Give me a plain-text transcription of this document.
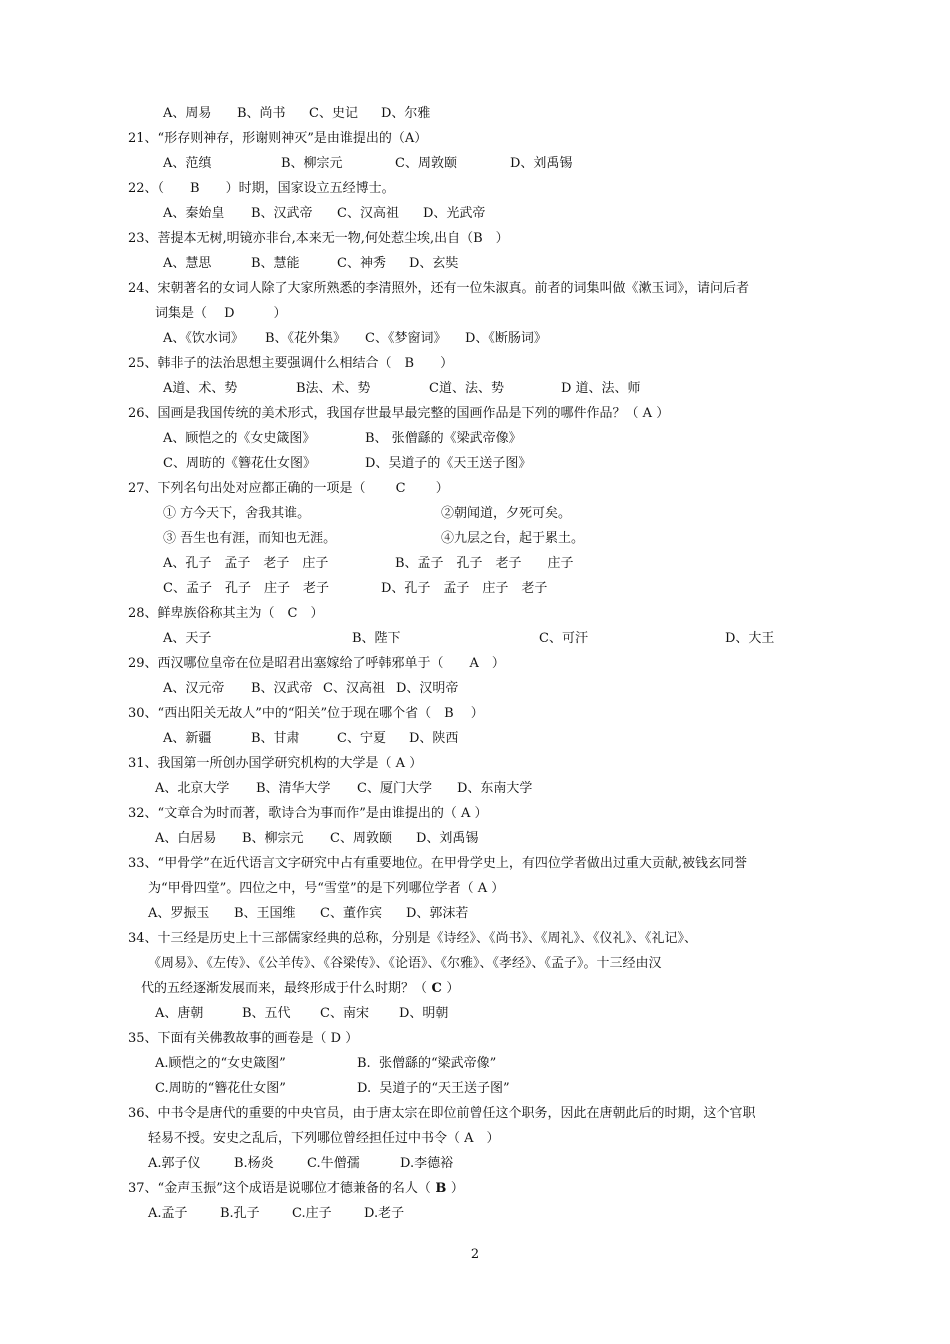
A、周易 B、尚书 C、史记 D、尔雅
21、“形存则神存，形谢则神灭”是由谁提出的（A）
A、范缜	B、柳宗元	C、周敦颐	D、刘禹锡
22、（　　B　　）时期，国家设立五经博士。
A、秦始皇 B、汉武帝 C、汉高祖 D、光武帝
23、菩提本无树,明镜亦非台,本来无一物,何处惹尘埃,出自（B　）
A、慧思	B、慧能	C、神秀 D、玄奘
24、宋朝著名的女词人除了大家所熟悉的李清照外，还有一位朱淑真。前者的词集叫做《漱玉词》，请问后者
词集是（　 D　　　）
A、《饮水词》 B、《花外集》 C、《梦窗词》 D、《断肠词》
25、韩非子的法治思想主要强调什么相结合（　B　　）
A道、术、势	B法、术、势	C道、法、势	D 道、法、师
26、国画是我国传统的美术形式，我国存世最早最完整的国画作品是下列的哪件作品？（ A ）
A、顾恺之的《女史箴图》	B、 张僧繇的《梁武帝像》
C、周昉的《簪花仕女图》	D、吴道子的《天王送子图》
27、下列名句出处对应都正确的一项是（　　 C　　 ）
① 方今天下，舍我其谁。	②朝闻道，夕死可矣。
③ 吾生也有涯，而知也无涯。	④九层之台，起于累土。
A、孔子　孟子　老子　庄子	B、孟子　孔子　老子　　庄子
C、孟子　孔子　庄子　老子	D、孔子　孟子　庄子　老子
28、鲜卑族俗称其主为（　C　）
A、天子	B、陛下	C、可汗	D、大王
29、西汉哪位皇帝在位是昭君出塞嫁给了呼韩邪单于（　　A　）
A、汉元帝 B、汉武帝 C、汉高祖 D、汉明帝
30、“西出阳关无故人”中的“阳关”位于现在哪个省（　B　 ）
A、新疆	B、甘肃	C、宁夏 D、陕西
31、我国第一所创办国学研究机构的大学是（ A ）
A、北京大学 B、清华大学 C、厦门大学 D、东南大学
32、“文章合为时而著，歌诗合为事而作”是由谁提出的（ A ）
A、白居易 B、柳宗元 C、周敦颐 D、刘禹锡
33、“甲骨学”在近代语言文字研究中占有重要地位。在甲骨学史上，有四位学者做出过重大贡献,被钱玄同誉
为“甲骨四堂”。四位之中，号“雪堂”的是下列哪位学者（ A ）
A、罗振玉 B、王国维 C、董作宾 D、郭沫若
34、十三经是历史上十三部儒家经典的总称，分别是《诗经》、《尚书》、《周礼》、《仪礼》、《礼记》、
《周易》、《左传》、《公羊传》、《谷梁传》、《论语》、《尔雅》、《孝经》、《孟子》。十三经由汉
代的五经逐渐发展而来，最终形成于什么时期？（ C ）
A、唐朝	B、五代 C、南宋 D、明朝
35、下面有关佛教故事的画卷是（ D ）
A.顾恺之的“女史箴图”	B.  张僧繇的“梁武帝像”
C.周昉的“簪花仕女图”	D.  吴道子的“天王送子图”
36、中书令是唐代的重要的中央官员，由于唐太宗在即位前曾任这个职务，因此在唐朝此后的时期，这个官职
轻易不授。安史之乱后，下列哪位曾经担任过中书令（ A　）
A.郭子仪	B.杨炎	C.牛僧孺	D.李德裕
37、“金声玉振”这个成语是说哪位才德兼备的名人（ B ）
A.孟子 B.孔子 C.庄子 D.老子
2
